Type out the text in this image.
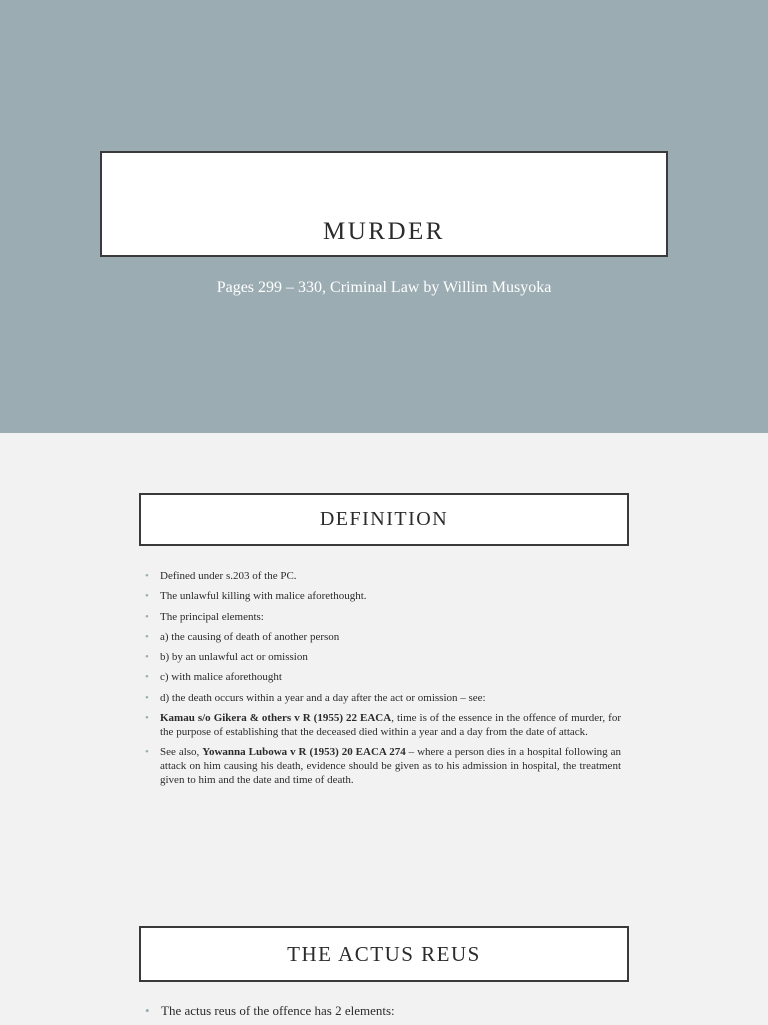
MURDER
Pages 299 – 330, Criminal Law by Willim Musyoka
DEFINITION
• Defined under s.203 of the PC.
• The unlawful killing with malice aforethought.
• The principal elements:
• a) the causing of death of another person
• b) by an unlawful act or omission
• c) with malice aforethought
• d) the death occurs within a year and a day after the act or omission – see:
• Kamau s/o Gikera & others v R (1955) 22 EACA, time is of the essence in the offence of murder, for the purpose of establishing that the deceased died within a year and a day from the date of attack.
• See also, Yowanna Lubowa v R (1953) 20 EACA 274 – where a person dies in a hospital following an attack on him causing his death, evidence should be given as to his admission in hospital, the treatment given to him and the date and time of death.
THE ACTUS REUS
• The actus reus of the offence has 2 elements:
